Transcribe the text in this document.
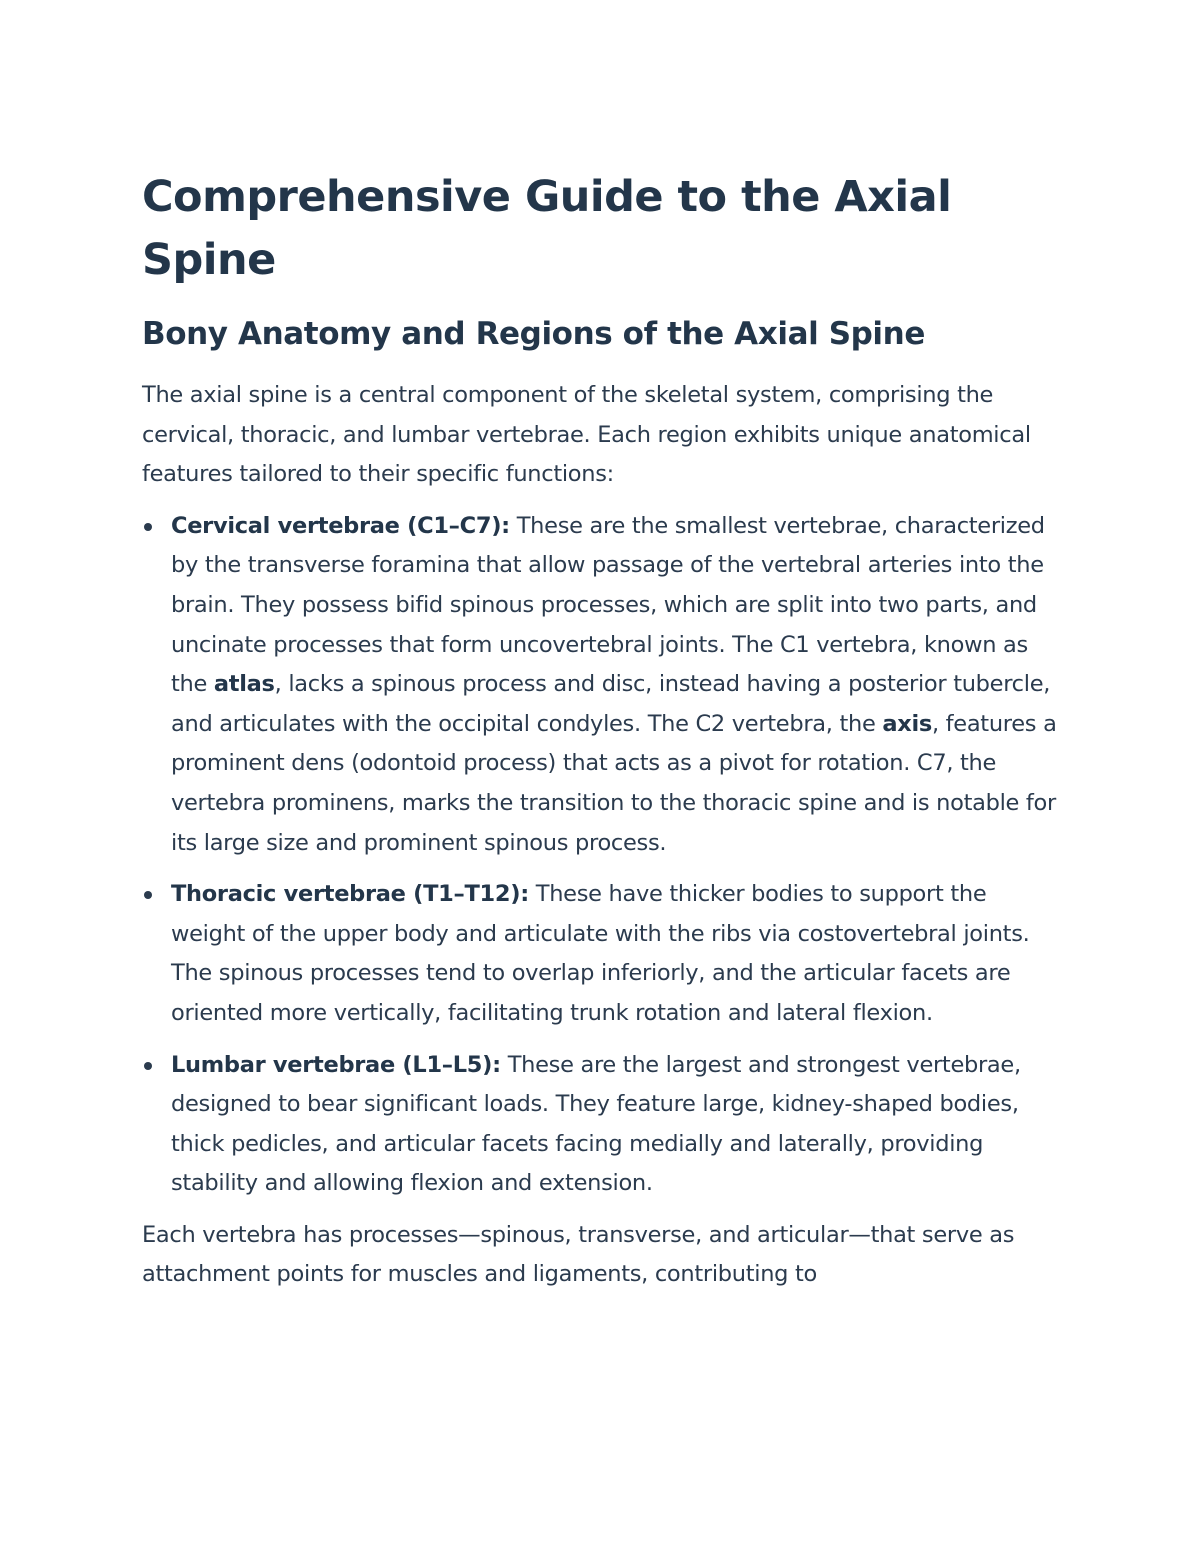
Comprehensive Guide to the Axial Spine
Bony Anatomy and Regions of the Axial Spine

The axial spine is a central component of the skeletal system, comprising the cervical, thoracic, and lumbar vertebrae. Each region exhibits unique anatomical features tailored to their specific functions:

Cervical vertebrae (C1–C7): These are the smallest vertebrae, characterized by the transverse foramina that allow passage of the vertebral arteries into the brain. They possess bifid spinous processes, which are split into two parts, and uncinate processes that form uncovertebral joints. The C1 vertebra, known as the atlas, lacks a spinous process and disc, instead having a posterior tubercle, and articulates with the occipital condyles. The C2 vertebra, the axis, features a prominent dens (odontoid process) that acts as a pivot for rotation. C7, the vertebra prominens, marks the transition to the thoracic spine and is notable for its large size and prominent spinous process.
Thoracic vertebrae (T1–T12): These have thicker bodies to support the weight of the upper body and articulate with the ribs via costovertebral joints. The spinous processes tend to overlap inferiorly, and the articular facets are oriented more vertically, facilitating trunk rotation and lateral flexion.
Lumbar vertebrae (L1–L5): These are the largest and strongest vertebrae, designed to bear significant loads. They feature large, kidney-shaped bodies, thick pedicles, and articular facets facing medially and laterally, providing stability and allowing flexion and extension.

Each vertebra has processes—spinous, transverse, and articular—that serve as attachment points for muscles and ligaments, contributing to
